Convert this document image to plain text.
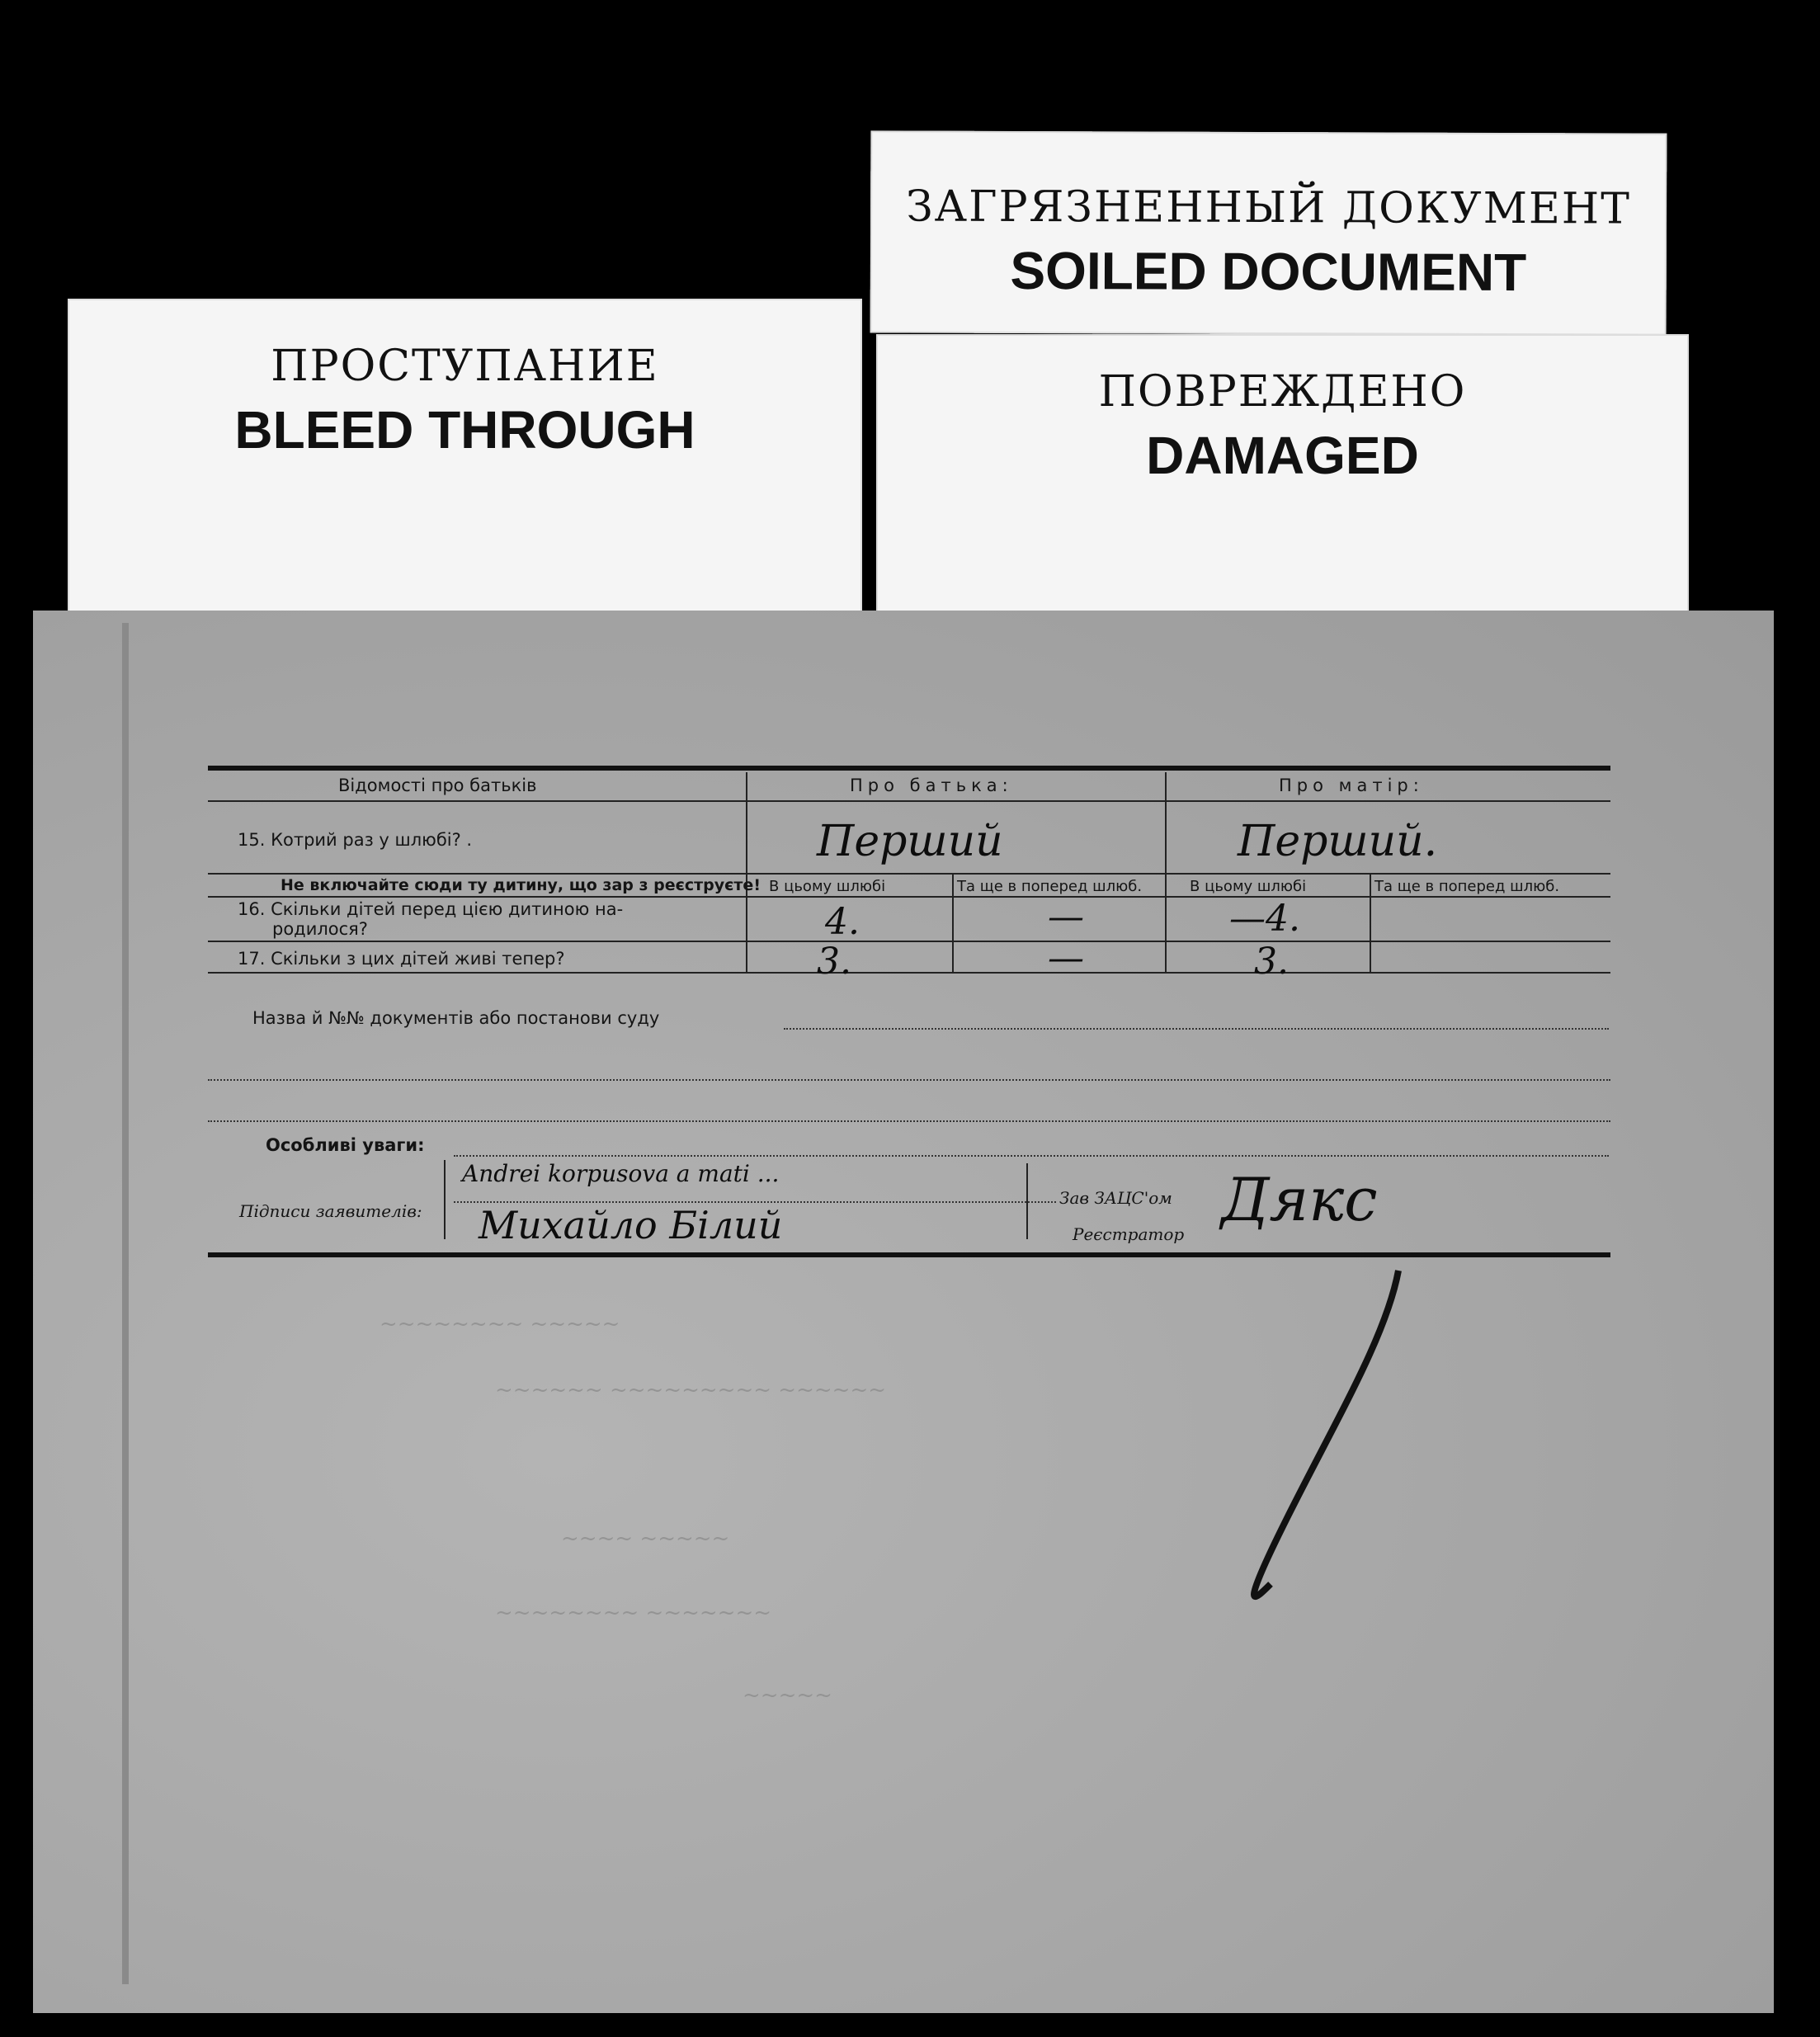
ЗАГРЯЗНЕННЫЙ ДОКУМЕНТ
SOILED DOCUMENT
ПРОСТУПАНИЕ
BLEED THROUGH
ПОВРЕЖДЕНО
DAMAGED
~~~~~~~~ ~~~~~
~~~~~~ ~~~~~~~~~ ~~~~~~
~~~~ ~~~~~
~~~~~~~~ ~~~~~~~
~~~~~
Відомості про батьків	Про батька:	Про матір:
15. Котрий раз у шлюбі? .	Перший	Перший.
Не включайте сюди ту дитину, що зар з реєструєте! В цьому шлюбі	Та ще в поперед шлюб.	В цьому шлюбі	Та ще в поперед шлюб.
16. Скільки дітей перед цією дитиною на-
родилося?	4.	—	—4.
17. Скільки з цих дітей живі тепер?	3.	—	3.
Назва й №№ документів або постанови суду
Особливі уваги:
Підписи заявителів:
Andrei korpusova a mati ...
Михайло Білий
Зав ЗАЦС'ом
Реєстратор Дякс
